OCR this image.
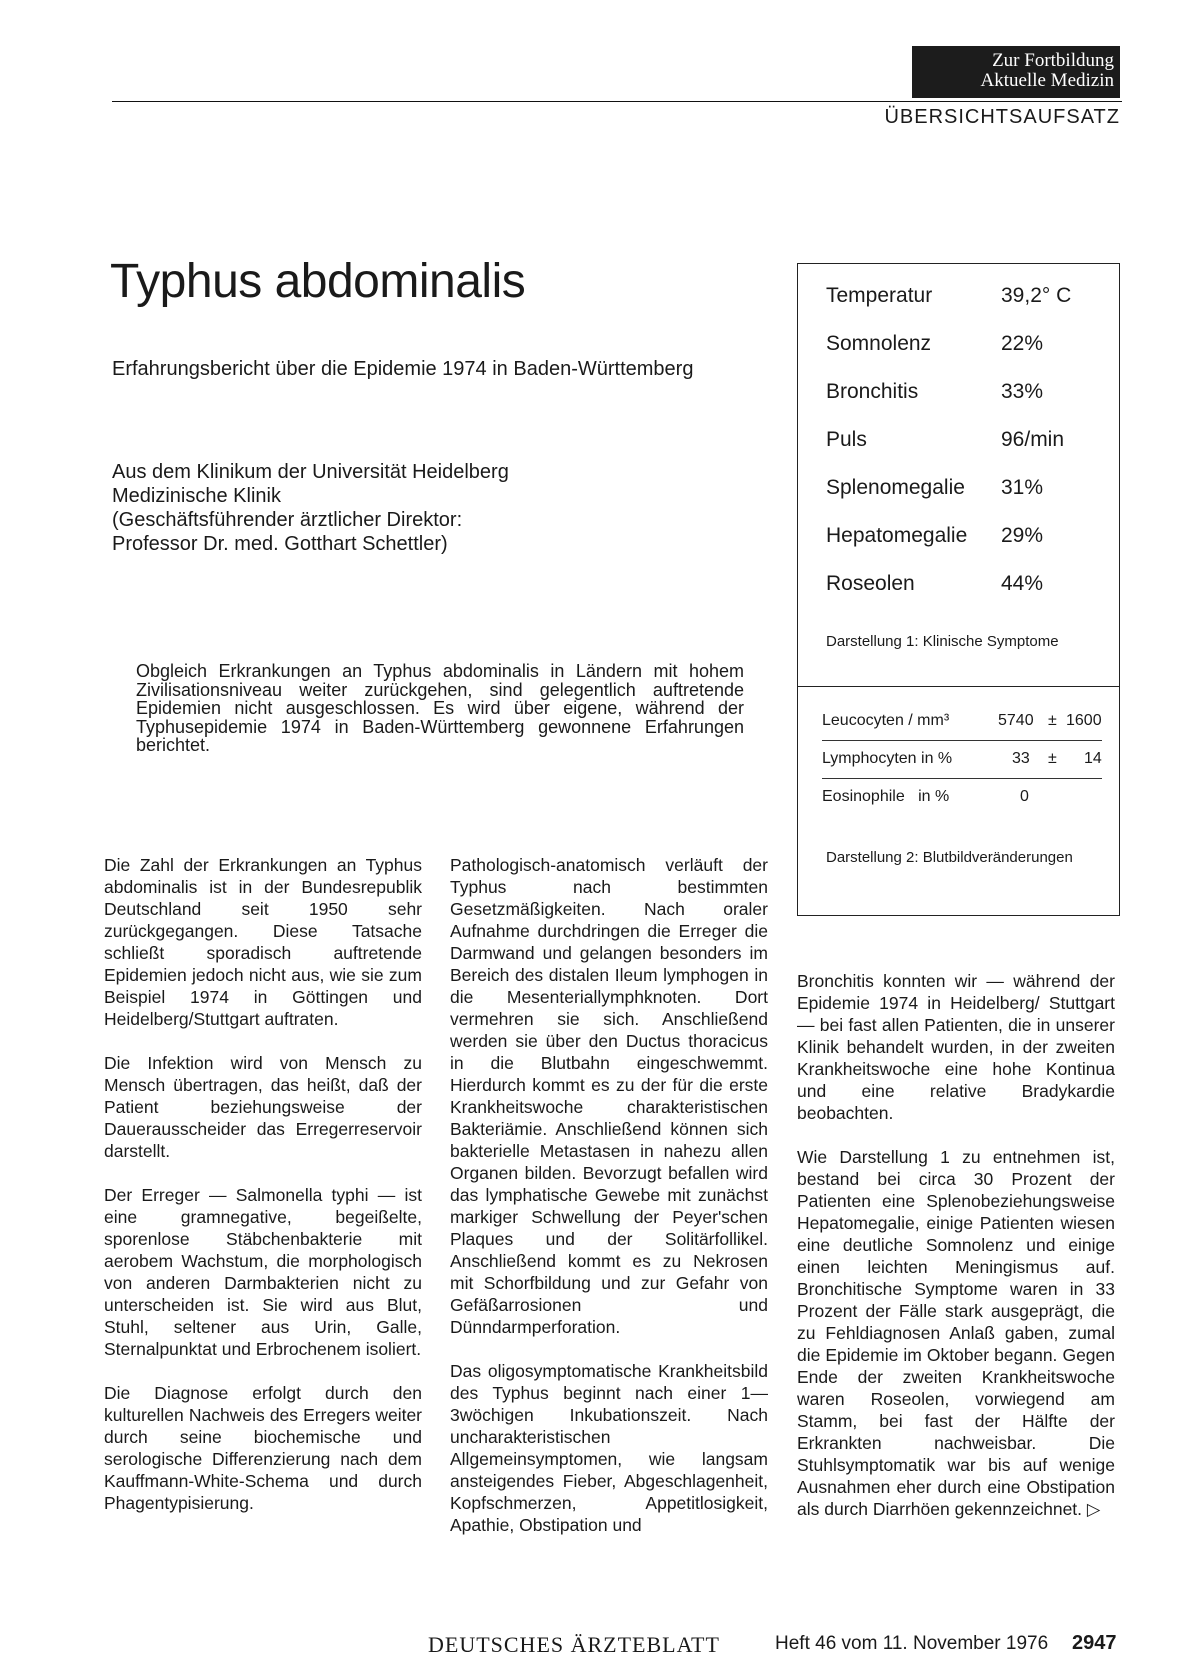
Zur Fortbildung
Aktuelle Medizin
ÜBERSICHTSAUFSATZ
Typhus abdominalis
Erfahrungsbericht über die Epidemie 1974 in Baden-Württemberg
Aus dem Klinikum der Universität Heidelberg
Medizinische Klinik
(Geschäftsführender ärztlicher Direktor:
Professor Dr. med. Gotthart Schettler)
Obgleich Erkrankungen an Typhus abdominalis in Ländern mit hohem Zivilisationsniveau weiter zurückgehen, sind gelegentlich auftretende Epidemien nicht ausgeschlossen. Es wird über eigene, während der Typhusepidemie 1974 in Baden-Württemberg gewonnene Erfahrungen berichtet.
Temperatur	39,2° C
Somnolenz	22%
Bronchitis	33%
Puls	96/min
Splenomegalie 31%
Hepatomegalie 29%
Roseolen	44%
Darstellung 1: Klinische Symptome
Leucocyten / mm³	5740 ± 1600
Lymphocyten in %	33 ± 14
Eosinophile   in %	0
Darstellung 2: Blutbildveränderungen

Die Zahl der Erkrankungen an Typhus abdominalis ist in der Bundesrepublik Deutschland seit 1950 sehr zurückgegangen. Diese Tatsache schließt sporadisch auftretende Epidemien jedoch nicht aus, wie sie zum Beispiel 1974 in Göttingen und Heidelberg/Stuttgart auftraten.

Die Infektion wird von Mensch zu Mensch übertragen, das heißt, daß der Patient beziehungsweise der Dauerausscheider das Erregerreservoir darstellt.

Der Erreger — Salmonella typhi — ist eine gramnegative, begeißelte, sporenlose Stäbchenbakterie mit aerobem Wachstum, die morphologisch von anderen Darmbakterien nicht zu unterscheiden ist. Sie wird aus Blut, Stuhl, seltener aus Urin, Galle, Sternalpunktat und Erbrochenem isoliert.

Die Diagnose erfolgt durch den kulturellen Nachweis des Erregers weiter durch seine biochemische und serologische Differenzierung nach dem Kauffmann-White-Schema und durch Phagentypisierung.

Pathologisch-anatomisch verläuft der Typhus nach bestimmten Gesetzmäßigkeiten. Nach oraler Aufnahme durchdringen die Erreger die Darmwand und gelangen besonders im Bereich des distalen Ileum lymphogen in die Mesenteriallymphknoten. Dort vermehren sie sich. Anschließend werden sie über den Ductus thoracicus in die Blutbahn eingeschwemmt. Hierdurch kommt es zu der für die erste Krankheitswoche charakteristischen Bakteriämie. Anschließend können sich bakterielle Metastasen in nahezu allen Organen bilden. Bevorzugt befallen wird das lymphatische Gewebe mit zunächst markiger Schwellung der Peyer'schen Plaques und der Solitärfollikel. Anschließend kommt es zu Nekrosen mit Schorfbildung und zur Gefahr von Gefäßarrosionen und Dünndarmperforation.

Das oligosymptomatische Krankheitsbild des Typhus beginnt nach einer 1—3wöchigen Inkubationszeit. Nach uncharakteristischen Allgemeinsymptomen, wie langsam ansteigendes Fieber, Abgeschlagenheit, Kopfschmerzen, Appetitlosigkeit, Apathie, Obstipation und

Bronchitis konnten wir — während der Epidemie 1974 in Heidelberg/ Stuttgart — bei fast allen Patienten, die in unserer Klinik behandelt wurden, in der zweiten Krankheitswoche eine hohe Kontinua und eine relative Bradykardie beobachten.

Wie Darstellung 1 zu entnehmen ist, bestand bei circa 30 Prozent der Patienten eine Splenobeziehungsweise Hepatomegalie, einige Patienten wiesen eine deutliche Somnolenz und einige einen leichten Meningismus auf. Bronchitische Symptome waren in 33 Prozent der Fälle stark ausgeprägt, die zu Fehldiagnosen Anlaß gaben, zumal die Epidemie im Oktober begann. Gegen Ende der zweiten Krankheitswoche waren Roseolen, vorwiegend am Stamm, bei fast der Hälfte der Erkrankten nachweisbar. Die Stuhlsymptomatik war bis auf wenige Ausnahmen eher durch eine Obstipation als durch Diarrhöen gekennzeichnet. ▷

DEUTSCHES ÄRZTEBLATT	Heft 46 vom 11. November 1976 2947
